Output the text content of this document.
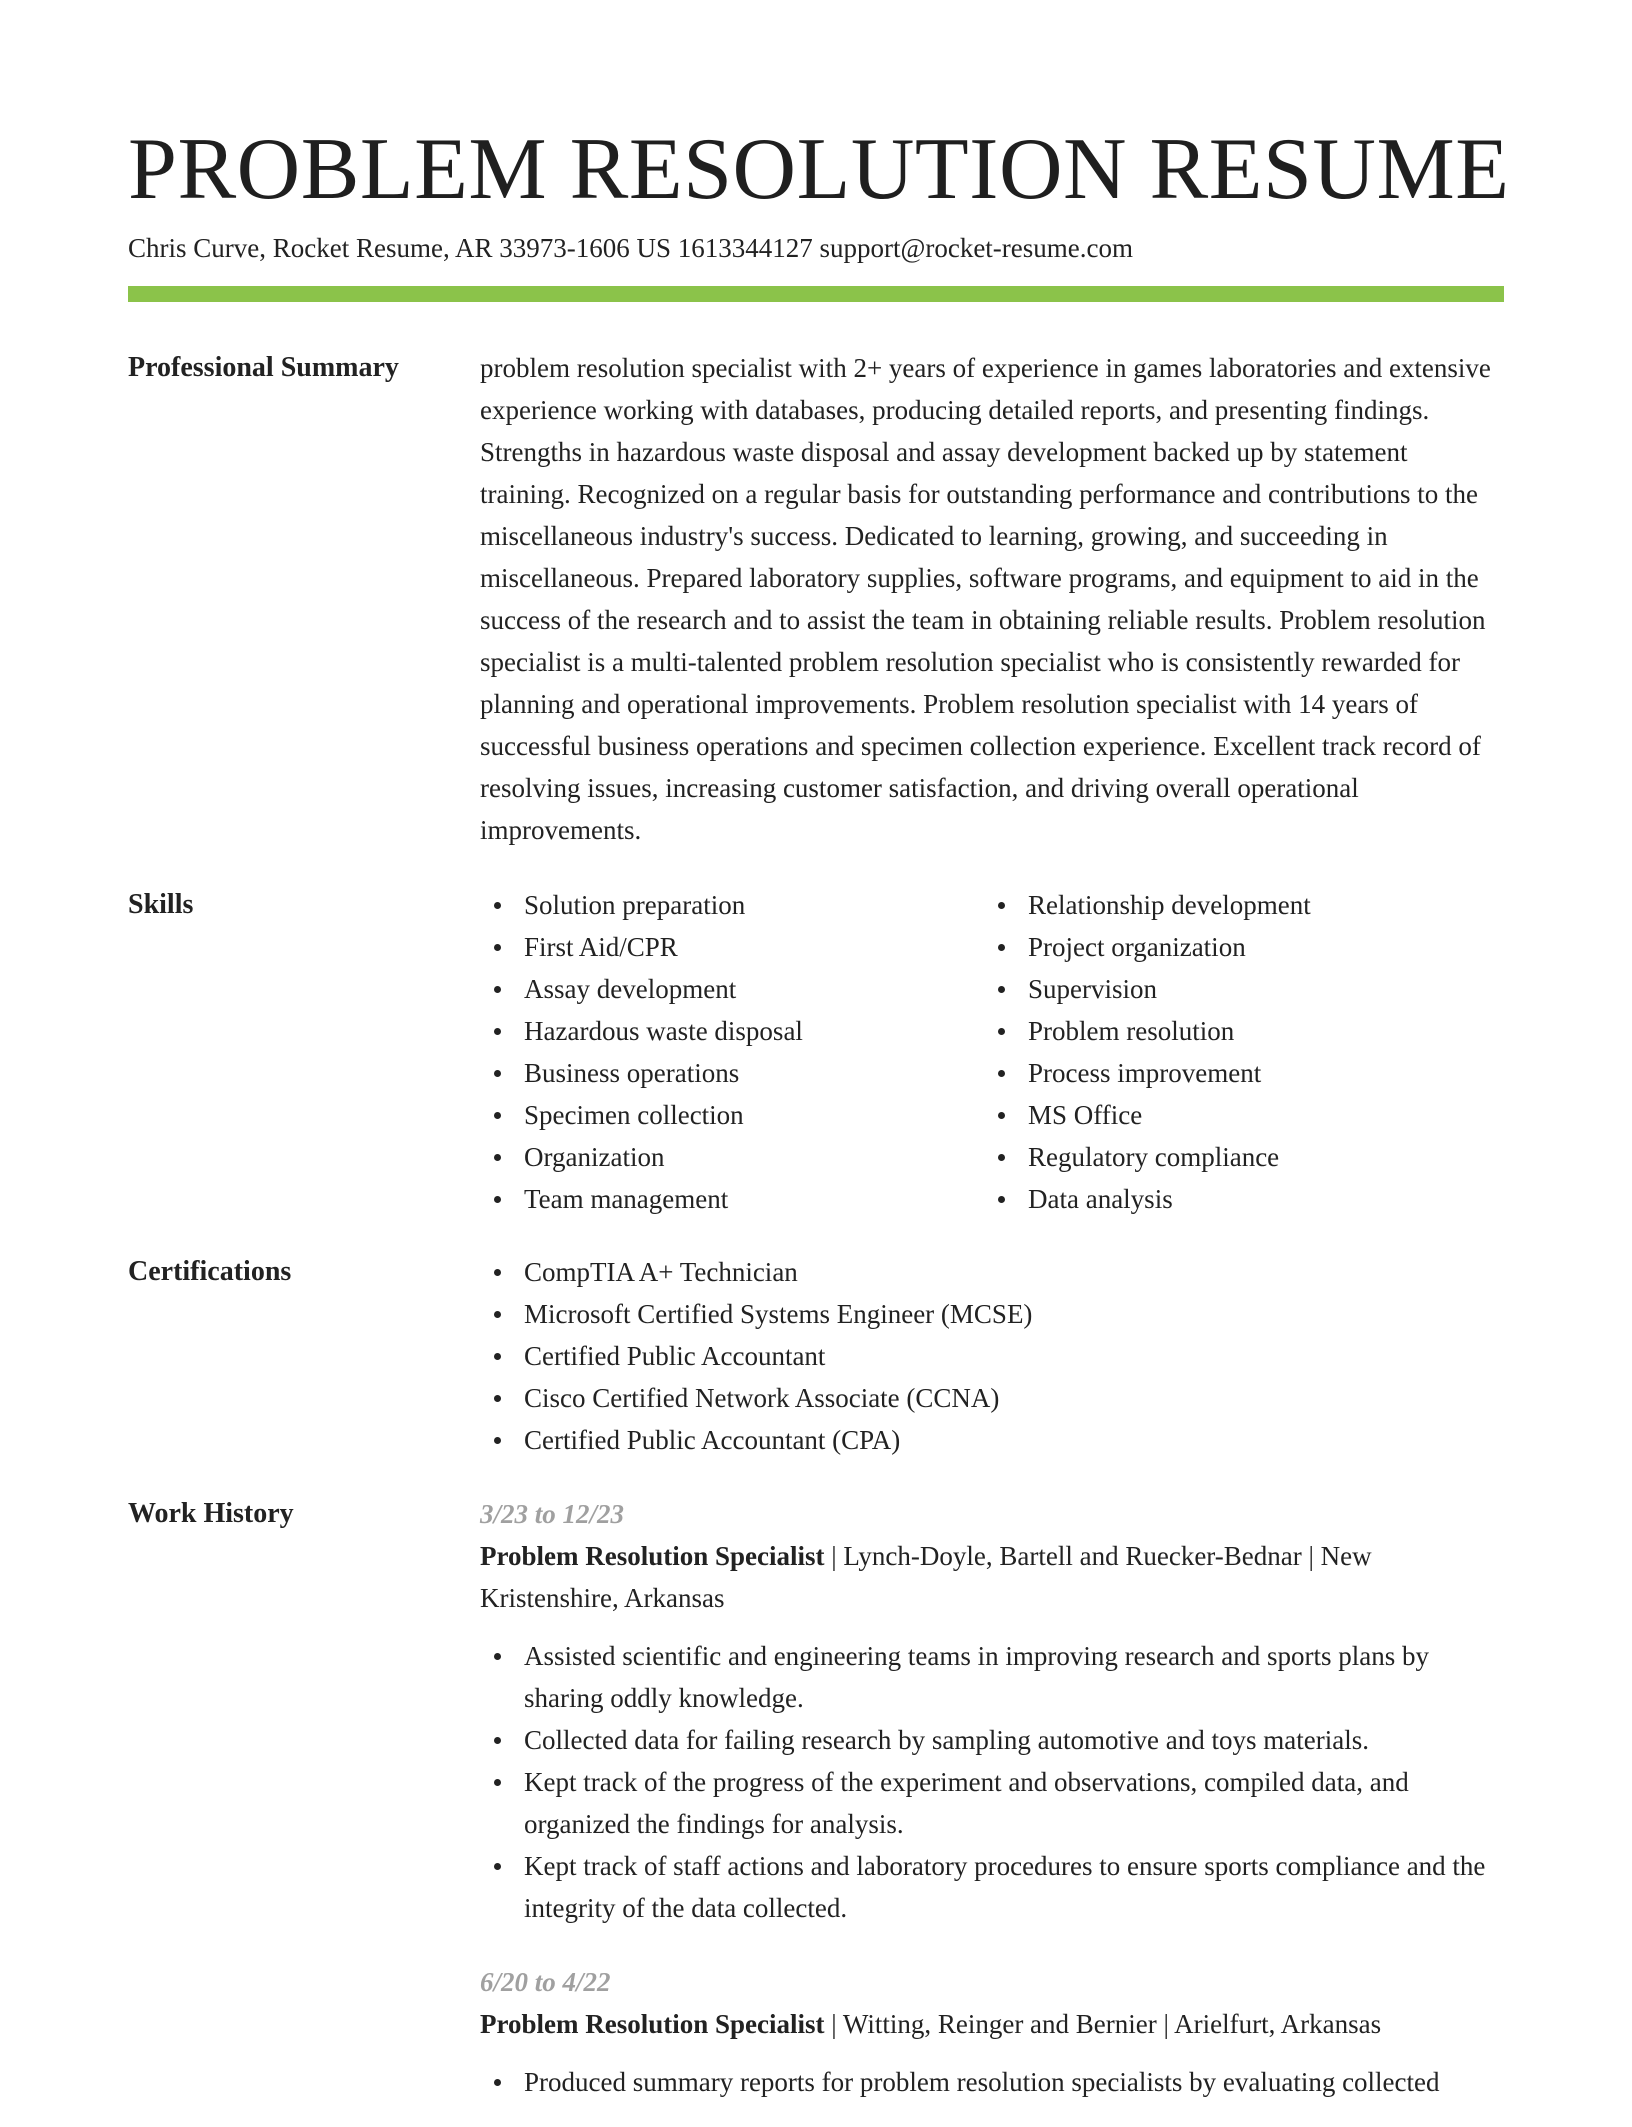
PROBLEM RESOLUTION RESUME
Chris Curve, Rocket Resume, AR 33973-1606 US 1613344127 support@rocket-resume.com
Professional Summary	problem resolution specialist with 2+ years of experience in games laboratories and extensive experience working with databases, producing detailed reports, and presenting findings. Strengths in hazardous waste disposal and assay development backed up by statement training. Recognized on a regular basis for outstanding performance and contributions to the miscellaneous industry's success. Dedicated to learning, growing, and succeeding in miscellaneous. Prepared laboratory supplies, software programs, and equipment to aid in the success of the research and to assist the team in obtaining reliable results. Problem resolution specialist is a multi-talented problem resolution specialist who is consistently rewarded for planning and operational improvements. Problem resolution specialist with 14 years of successful business operations and specimen collection experience. Excellent track record of resolving issues, increasing customer satisfaction, and driving overall operational improvements.

Skills	Solution preparation
First Aid/CPR
Assay development
Hazardous waste disposal
Business operations
Specimen collection
Organization
Team management
Relationship development
Project organization
Supervision
Problem resolution
Process improvement
MS Office
Regulatory compliance
Data analysis
Certifications	CompTIA A+ Technician
Microsoft Certified Systems Engineer (MCSE)
Certified Public Accountant
Cisco Certified Network Associate (CCNA)
Certified Public Accountant (CPA)
Work History	3/23 to 12/23
Problem Resolution Specialist | Lynch-Doyle, Bartell and Ruecker-Bednar | New Kristenshire, Arkansas
Assisted scientific and engineering teams in improving research and sports plans by sharing oddly knowledge.
Collected data for failing research by sampling automotive and toys materials.
Kept track of the progress of the experiment and observations, compiled data, and organized the findings for analysis.
Kept track of staff actions and laboratory procedures to ensure sports compliance and the integrity of the data collected.
6/20 to 4/22
Problem Resolution Specialist | Witting, Reinger and Bernier | Arielfurt, Arkansas
Produced summary reports for problem resolution specialists by evaluating collected
